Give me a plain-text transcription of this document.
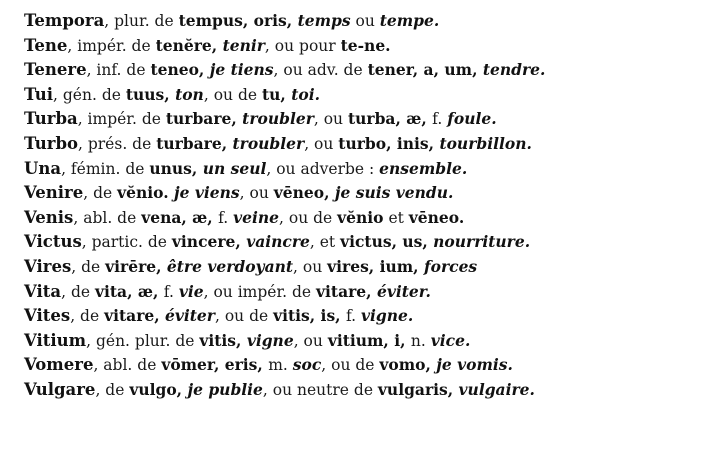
Tempora, plur. de tempus, oris, temps ou tempe.
Tene, impér. de tenĕre, tenir, ou pour te-ne.
Tenere, inf. de teneo, je tiens, ou adv. de tener, a, um, tendre.
Tui, gén. de tuus, ton, ou de tu, toi.
Turba, impér. de turbare, troubler, ou turba, æ, f. foule.
Turbo, prés. de turbare, troubler, ou turbo, inis, tourbillon.
Una, fémin. de unus, un seul, ou adverbe : ensemble.
Venire, de vĕnio. je viens, ou vēneo, je suis vendu.
Venis, abl. de vena, æ, f. veine, ou de vĕnio et vēneo.
Victus, partic. de vincere, vaincre, et victus, us, nourriture.
Vires, de virēre, être verdoyant, ou vires, ium, forces
Vita, de vita, æ, f. vie, ou impér. de vitare, éviter.
Vites, de vitare, éviter, ou de vitis, is, f. vigne.
Vitium, gén. plur. de vitis, vigne, ou vitium, i, n. vice.
Vomere, abl. de vōmer, eris, m. soc, ou de vomo, je vomis.
Vulgare, de vulgo, je publie, ou neutre de vulgaris, vulgaire.
